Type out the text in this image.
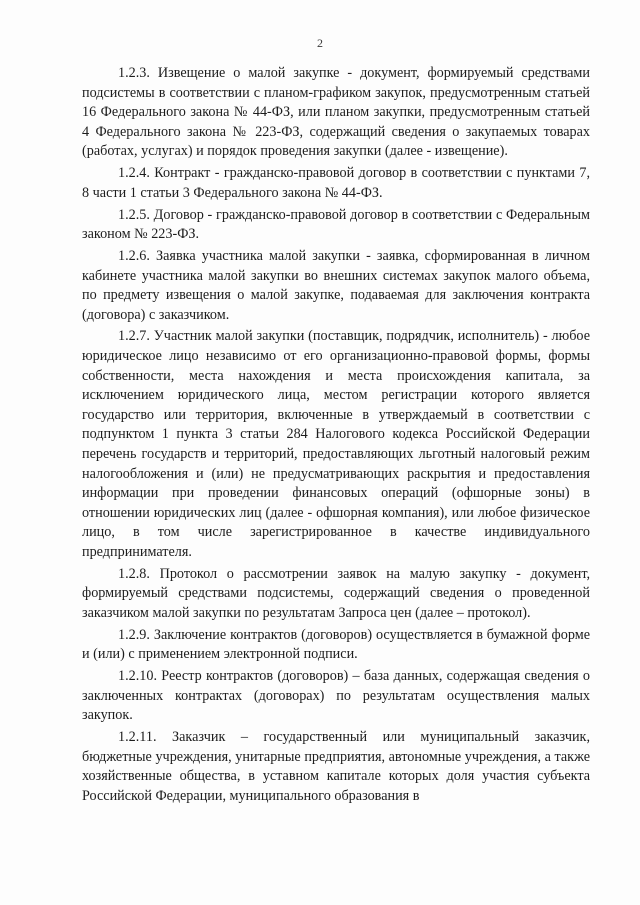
2

1.2.3. Извещение о малой закупке - документ, формируемый средствами подсистемы в соответствии с планом-графиком закупок, предусмотренным статьей 16 Федерального закона № 44-ФЗ, или планом закупки, предусмотренным статьей 4 Федерального закона № 223-ФЗ, содержащий сведения о закупаемых товарах (работах, услугах) и порядок проведения закупки (далее - извещение).

1.2.4. Контракт - гражданско-правовой договор в соответствии с пунктами 7, 8 части 1 статьи 3 Федерального закона № 44-ФЗ.

1.2.5. Договор - гражданско-правовой договор в соответствии с Федеральным законом № 223-ФЗ.

1.2.6. Заявка участника малой закупки - заявка, сформированная в личном кабинете участника малой закупки во внешних системах закупок малого объема, по предмету извещения о малой закупке, подаваемая для заключения контракта (договора) с заказчиком.

1.2.7. Участник малой закупки (поставщик, подрядчик, исполнитель) - любое юридическое лицо независимо от его организационно-правовой формы, формы собственности, места нахождения и места происхождения капитала, за исключением юридического лица, местом регистрации которого является государство или территория, включенные в утверждаемый в соответствии с подпунктом 1 пункта 3 статьи 284 Налогового кодекса Российской Федерации перечень государств и территорий, предоставляющих льготный налоговый режим налогообложения и (или) не предусматривающих раскрытия и предоставления информации при проведении финансовых операций (офшорные зоны) в отношении юридических лиц (далее - офшорная компания), или любое физическое лицо, в том числе зарегистрированное в качестве индивидуального предпринимателя.

1.2.8. Протокол о рассмотрении заявок на малую закупку - документ, формируемый средствами подсистемы, содержащий сведения о проведенной заказчиком малой закупки по результатам Запроса цен (далее – протокол).

1.2.9. Заключение контрактов (договоров) осуществляется в бумажной форме и (или) с применением электронной подписи.

1.2.10. Реестр контрактов (договоров) – база данных, содержащая сведения о заключенных контрактах (договорах) по результатам осуществления малых закупок.

1.2.11. Заказчик – государственный или муниципальный заказчик, бюджетные учреждения, унитарные предприятия, автономные учреждения, а также хозяйственные общества, в уставном капитале которых доля участия субъекта Российской Федерации, муниципального образования в
